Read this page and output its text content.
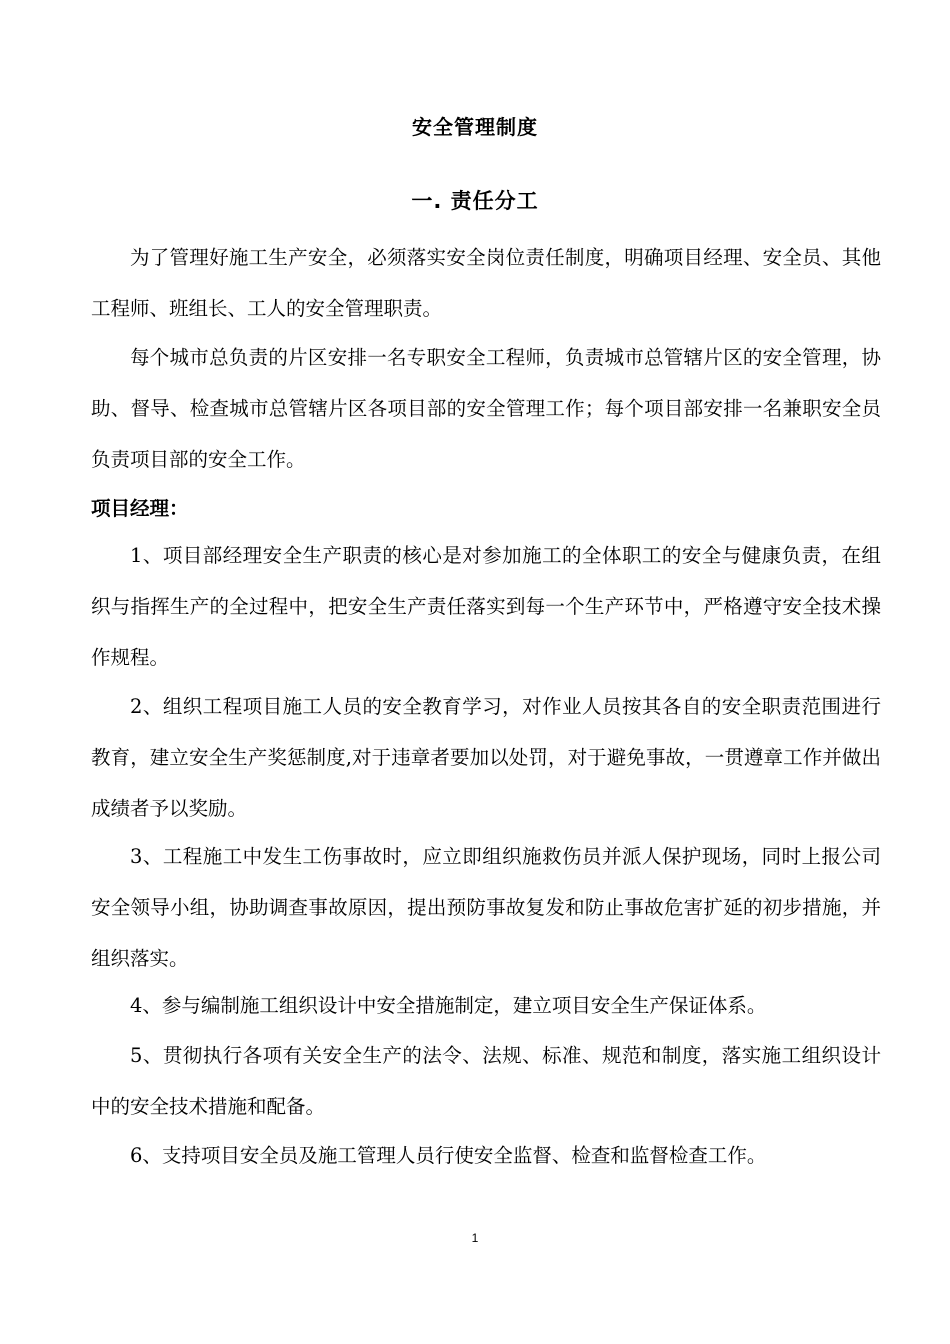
安全管理制度
一. 责任分工

为了管理好施工生产安全，必须落实安全岗位责任制度，明确项目经理、安全员、其他工程师、班组长、工人的安全管理职责。

每个城市总负责的片区安排一名专职安全工程师，负责城市总管辖片区的安全管理，协助、督导、检查城市总管辖片区各项目部的安全管理工作；每个项目部安排一名兼职安全员负责项目部的安全工作。

项目经理：

1、项目部经理安全生产职责的核心是对参加施工的全体职工的安全与健康负责，在组织与指挥生产的全过程中，把安全生产责任落实到每一个生产环节中，严格遵守安全技术操作规程。

2、组织工程项目施工人员的安全教育学习，对作业人员按其各自的安全职责范围进行教育，建立安全生产奖惩制度,对于违章者要加以处罚，对于避免事故，一贯遵章工作并做出成绩者予以奖励。

3、工程施工中发生工伤事故时，应立即组织施救伤员并派人保护现场，同时上报公司安全领导小组，协助调查事故原因，提出预防事故复发和防止事故危害扩延的初步措施，并组织落实。

4、参与编制施工组织设计中安全措施制定，建立项目安全生产保证体系。

5、贯彻执行各项有关安全生产的法令、法规、标准、规范和制度，落实施工组织设计中的安全技术措施和配备。

6、支持项目安全员及施工管理人员行使安全监督、检查和监督检查工作。

1
